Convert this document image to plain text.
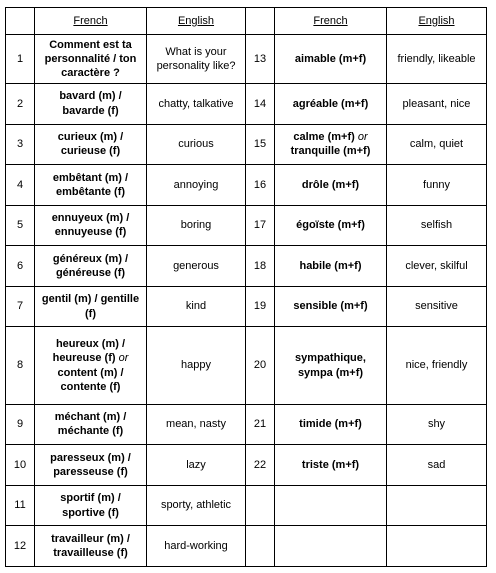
	French	English		French	English
1	Comment est ta personnalité / ton caractère ?	What is your personality like?	13	aimable (m+f)	friendly, likeable
2	bavard (m) / bavarde (f)	chatty, talkative	14	agréable (m+f)	pleasant, nice
3	curieux (m) / curieuse (f)	curious	15	calme (m+f) or tranquille (m+f)	calm, quiet
4	embêtant (m) / embêtante (f)	annoying	16	drôle (m+f)	funny
5	ennuyeux (m) / ennuyeuse (f)	boring	17	égoïste (m+f)	selfish
6	généreux (m) / généreuse (f)	generous	18	habile (m+f)	clever, skilful
7	gentil (m) / gentille (f)	kind	19	sensible (m+f)	sensitive
8	heureux (m) / heureuse (f) or content (m) / contente (f)	happy	20	sympathique, sympa (m+f)	nice, friendly
9	méchant (m) / méchante (f)	mean, nasty	21	timide (m+f)	shy
10	paresseux (m) / paresseuse (f)	lazy	22	triste (m+f)	sad
11	sportif (m) / sportive (f)	sporty, athletic			
12	travailleur (m) / travailleuse (f)	hard-working			
